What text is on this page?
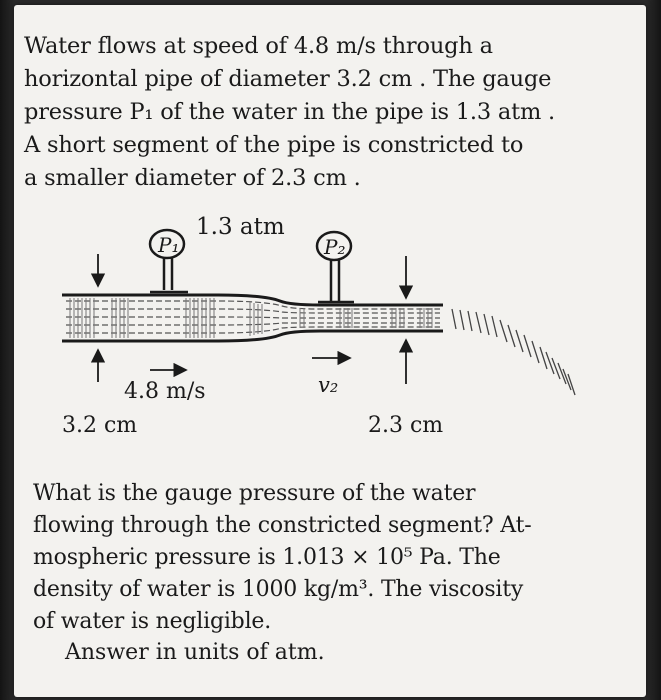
Water flows at speed of 4.8 m/s through a
horizontal pipe of diameter 3.2 cm . The gauge
pressure P₁ of the water in the pipe is 1.3 atm .
A short segment of the pipe is constricted to
a smaller diameter of 2.3 cm .
P₁	P₂
1.3 atm
4.8 m/s	v₂
3.2 cm	2.3 cm
What is the gauge pressure of the water
flowing through the constricted segment? At-
mospheric pressure is 1.013 × 10⁵ Pa. The
density of water is 1000 kg/m³. The viscosity
of water is negligible.
Answer in units of atm.
